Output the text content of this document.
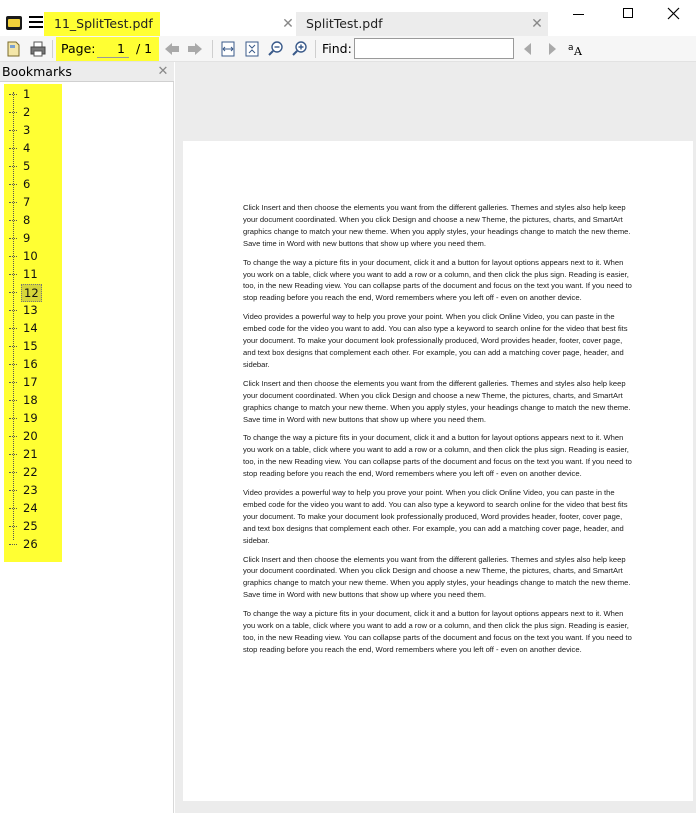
11_SplitTest.pdf	✕ SplitTest.pdf	✕
Page:
1	/ 1	Find:	a A
Bookmarks	✕
1
2
3
4
5
6
7
8
9
10
11
12
13
14
15
16
17
18
19
20
21
22
23
24
25
26

Click Insert and then choose the elements you want from the different galleries. Themes and styles also help keep your document coordinated. When you click Design and choose a new Theme, the pictures, charts, and SmartArt graphics change to match your new theme. When you apply styles, your headings change to match the new theme. Save time in Word with new buttons that show up where you need them.

To change the way a picture fits in your document, click it and a button for layout options appears next to it. When you work on a table, click where you want to add a row or a column, and then click the plus sign. Reading is easier, too, in the new Reading view. You can collapse parts of the document and focus on the text you want. If you need to stop reading before you reach the end, Word remembers where you left off - even on another device.

Video provides a powerful way to help you prove your point. When you click Online Video, you can paste in the embed code for the video you want to add. You can also type a keyword to search online for the video that best fits your document. To make your document look professionally produced, Word provides header, footer, cover page, and text box designs that complement each other. For example, you can add a matching cover page, header, and sidebar.

Click Insert and then choose the elements you want from the different galleries. Themes and styles also help keep your document coordinated. When you click Design and choose a new Theme, the pictures, charts, and SmartArt graphics change to match your new theme. When you apply styles, your headings change to match the new theme. Save time in Word with new buttons that show up where you need them.

To change the way a picture fits in your document, click it and a button for layout options appears next to it. When you work on a table, click where you want to add a row or a column, and then click the plus sign. Reading is easier, too, in the new Reading view. You can collapse parts of the document and focus on the text you want. If you need to stop reading before you reach the end, Word remembers where you left off - even on another device.

Video provides a powerful way to help you prove your point. When you click Online Video, you can paste in the embed code for the video you want to add. You can also type a keyword to search online for the video that best fits your document. To make your document look professionally produced, Word provides header, footer, cover page, and text box designs that complement each other. For example, you can add a matching cover page, header, and sidebar.

Click Insert and then choose the elements you want from the different galleries. Themes and styles also help keep your document coordinated. When you click Design and choose a new Theme, the pictures, charts, and SmartArt graphics change to match your new theme. When you apply styles, your headings change to match the new theme. Save time in Word with new buttons that show up where you need them.

To change the way a picture fits in your document, click it and a button for layout options appears next to it. When you work on a table, click where you want to add a row or a column, and then click the plus sign. Reading is easier, too, in the new Reading view. You can collapse parts of the document and focus on the text you want. If you need to stop reading before you reach the end, Word remembers where you left off - even on another device.
